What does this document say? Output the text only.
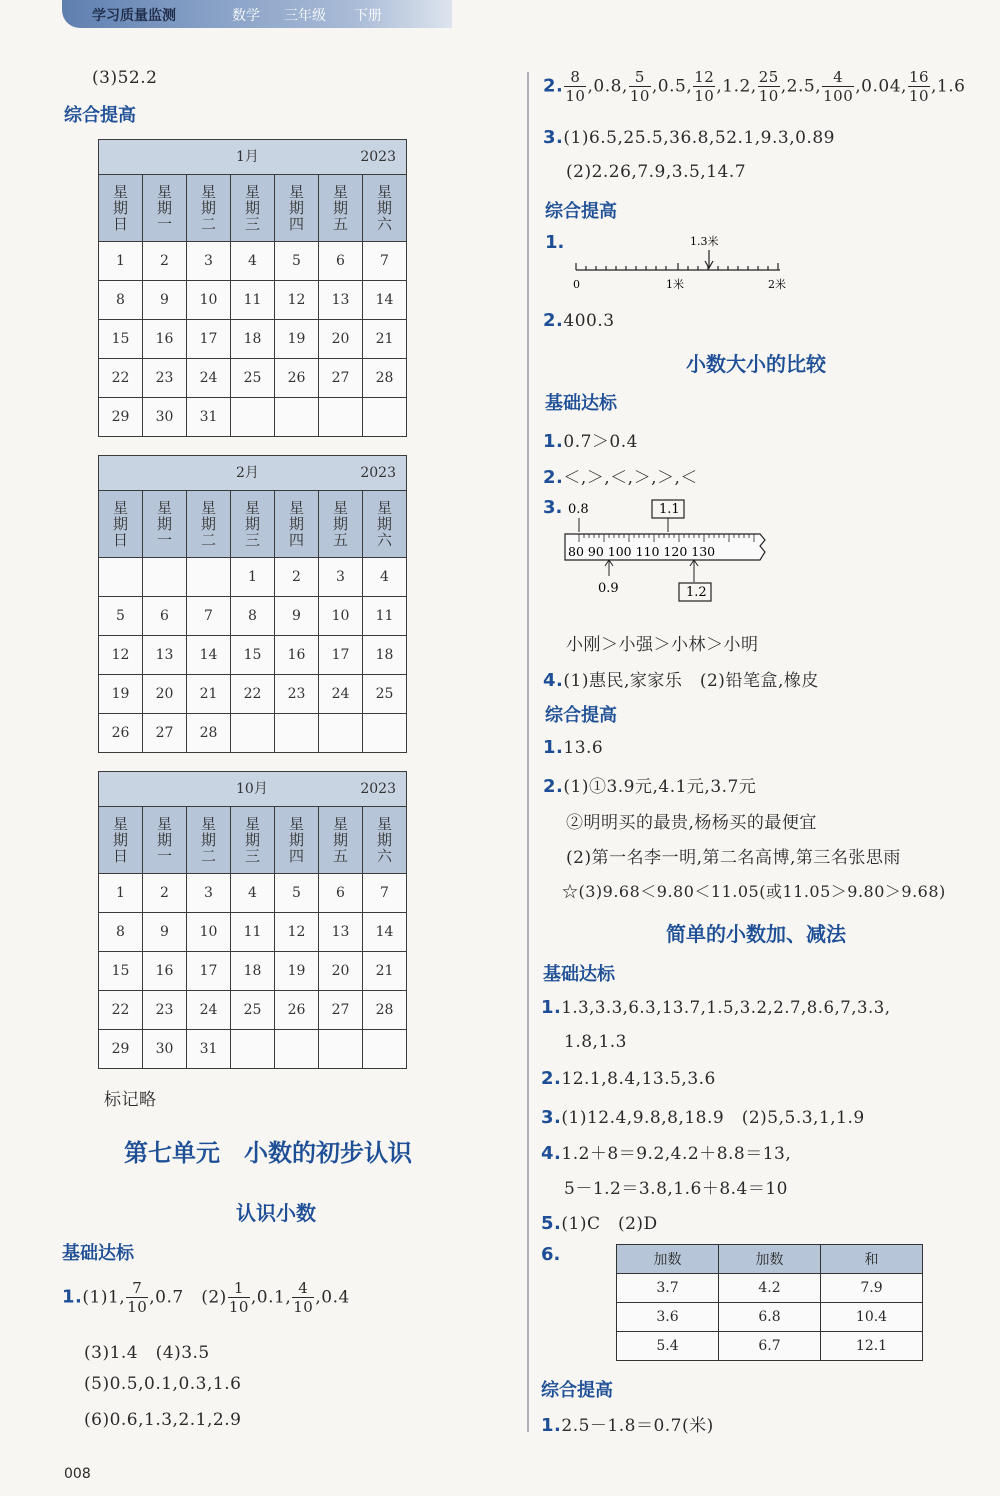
学习质量监测	数学 三年级 下册
(3)52.2
综合提高
1月 2023						

星期日	星期一	星期二	星期三	星期四	星期五	星期六
1	2	3	4	5	6	7
8	9	10	11	12	13	14
15	16	17	18	19	20	21
22	23	24	25	26	27	28
29	30	31				
2月 2023						

星期日	星期一	星期二	星期三	星期四	星期五	星期六
			1	2	3	4
5	6	7	8	9	10	11
12	13	14	15	16	17	18
19	20	21	22	23	24	25
26	27	28				
10月 2023						

星期日	星期一	星期二	星期三	星期四	星期五	星期六
1	2	3	4	5	6	7
8	9	10	11	12	13	14
15	16	17	18	19	20	21
22	23	24	25	26	27	28
29	30	31				
标记略
第七单元　小数的初步认识
认识小数
基础达标
1.(1)1, $\frac{7}{10} ,0.7$　$(2) \frac{1}{10} ,0.1$, $\frac{4}{10} ,0.4$
(3)1.4　(4)3.5
(5)0.5,0.1,0.3,1.6
(6)0.6,1.3,2.1,2.9
2. $\frac{8}{10} ,0.8$, $\frac{5}{10} ,0.5$, $\frac{12}{10} ,1.2$, $\frac{25}{10} ,2.5$, $\frac{4}{100} ,0.04$, $\frac{16}{10} ,1.6$
3.(1)6.5,25.5,36.8,52.1,9.3,0.89
(2)2.26,7.9,3.5,14.7
综合提高
1.	1.3米
0	1米	2米
2.400.3
小数大小的比较
基础达标
1.0.7＞0.4
2.＜,＞,＜,＞,＞,＜
3. 0.8	1.1
80 90 100 110 120 130
0.9	1.2
小刚＞小强＞小林＞小明
4.(1)惠民,家家乐　(2)铅笔盒,橡皮
综合提高
1.13.6
2.(1)①3.9元,4.1元,3.7元
②明明买的最贵,杨杨买的最便宜
(2)第一名李一明,第二名高博,第三名张思雨
☆(3)9.68＜9.80＜11.05(或11.05＞9.80＞9.68)
简单的小数加、减法
基础达标
1.1.3,3.3,6.3,13.7,1.5,3.2,2.7,8.6,7,3.3,
1.8,1.3
2.12.1,8.4,13.5,3.6
3.(1)12.4,9.8,8,18.9　(2)5,5.3,1,1.9
4.1.2＋8＝9.2,4.2＋8.8＝13,
5－1.2＝3.8,1.6＋8.4＝10
5.(1)C　(2)D
6.	加数	加数	和
3.7	4.2	7.9
3.6	6.8	10.4
5.4	6.7	12.1
综合提高
1.2.5－1.8＝0.7(米)
008
